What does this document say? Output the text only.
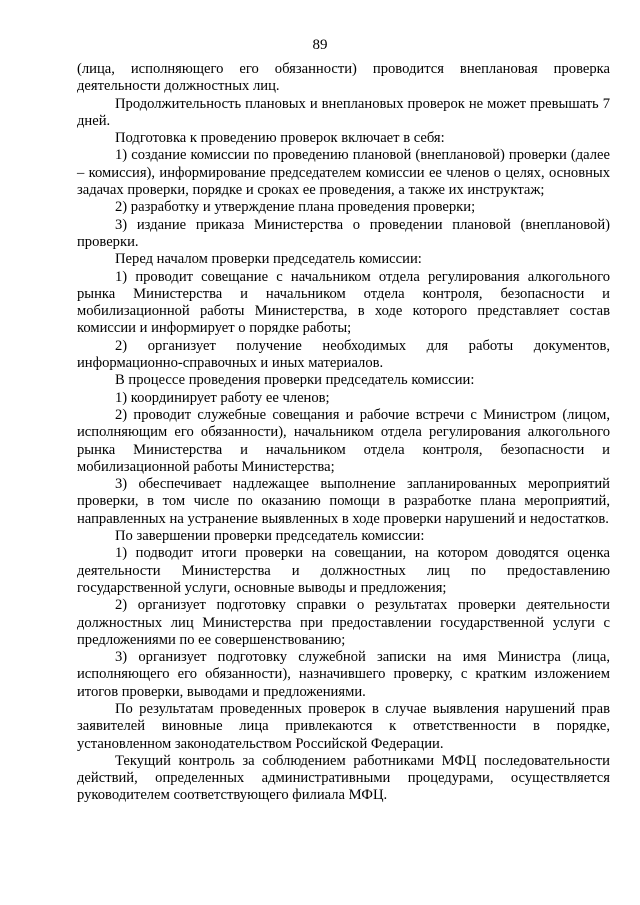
89

(лица, исполняющего его обязанности) проводится внеплановая проверка деятельности должностных лиц.

Продолжительность плановых и внеплановых проверок не может превышать 7 дней.

Подготовка к проведению проверок включает в себя:

1) создание комиссии по проведению плановой (внеплановой) проверки (далее – комиссия), информирование председателем комиссии ее членов о целях, основных задачах проверки, порядке и сроках ее проведения, а также их инструктаж;

2) разработку и утверждение плана проведения проверки;

3) издание приказа Министерства о проведении плановой (внеплановой) проверки.

Перед началом проверки председатель комиссии:

1) проводит совещание с начальником отдела регулирования алкогольного рынка Министерства и начальником отдела контроля, безопасности и мобилизационной работы Министерства, в ходе которого представляет состав комиссии и информирует о порядке работы;

2) организует получение необходимых для работы документов, информационно-справочных и иных материалов.

В процессе проведения проверки председатель комиссии:

1) координирует работу ее членов;

2) проводит служебные совещания и рабочие встречи с Министром (лицом, исполняющим его обязанности), начальником отдела регулирования алкогольного рынка Министерства и начальником отдела контроля, безопасности и мобилизационной работы Министерства;

3) обеспечивает надлежащее выполнение запланированных мероприятий проверки, в том числе по оказанию помощи в разработке плана мероприятий, направленных на устранение выявленных в ходе проверки нарушений и недостатков.

По завершении проверки председатель комиссии:

1) подводит итоги проверки на совещании, на котором доводятся оценка деятельности Министерства и должностных лиц по предоставлению государственной услуги, основные выводы и предложения;

2) организует подготовку справки о результатах проверки деятельности должностных лиц Министерства при предоставлении государственной услуги с предложениями по ее совершенствованию;

3) организует подготовку служебной записки на имя Министра (лица, исполняющего его обязанности), назначившего проверку, с кратким изложением итогов проверки, выводами и предложениями.

По результатам проведенных проверок в случае выявления нарушений прав заявителей виновные лица привлекаются к ответственности в порядке, установленном законодательством Российской Федерации.

Текущий контроль за соблюдением работниками МФЦ последовательности действий, определенных административными процедурами, осуществляется руководителем соответствующего филиала МФЦ.
